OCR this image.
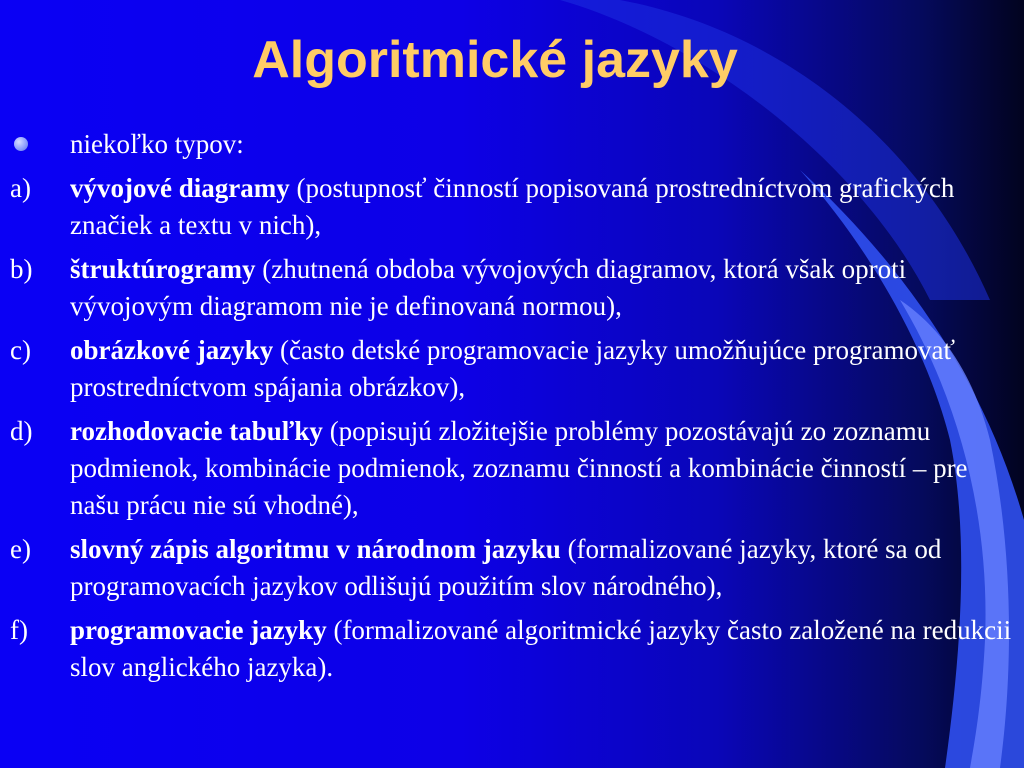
Algoritmické jazyky
niekoľko typov:
a) vývojové diagramy (postupnosť činností popisovaná prostredníctvom grafických značiek a textu v nich),
b) štruktúrogramy (zhutnená obdoba vývojových diagramov, ktorá však oproti vývojovým diagramom nie je definovaná normou),
c) obrázkové jazyky (často detské programovacie jazyky umožňujúce programovať prostredníctvom spájania obrázkov),
d) rozhodovacie tabuľky (popisujú zložitejšie problémy pozostávajú zo zoznamu podmienok, kombinácie podmienok, zoznamu činností a kombinácie činností – pre našu prácu nie sú vhodné),
e) slovný zápis algoritmu v národnom jazyku (formalizované jazyky, ktoré sa od programovacích jazykov odlišujú použitím slov národného),
f) programovacie jazyky (formalizované algoritmické jazyky často založené na redukcii slov anglického jazyka).
